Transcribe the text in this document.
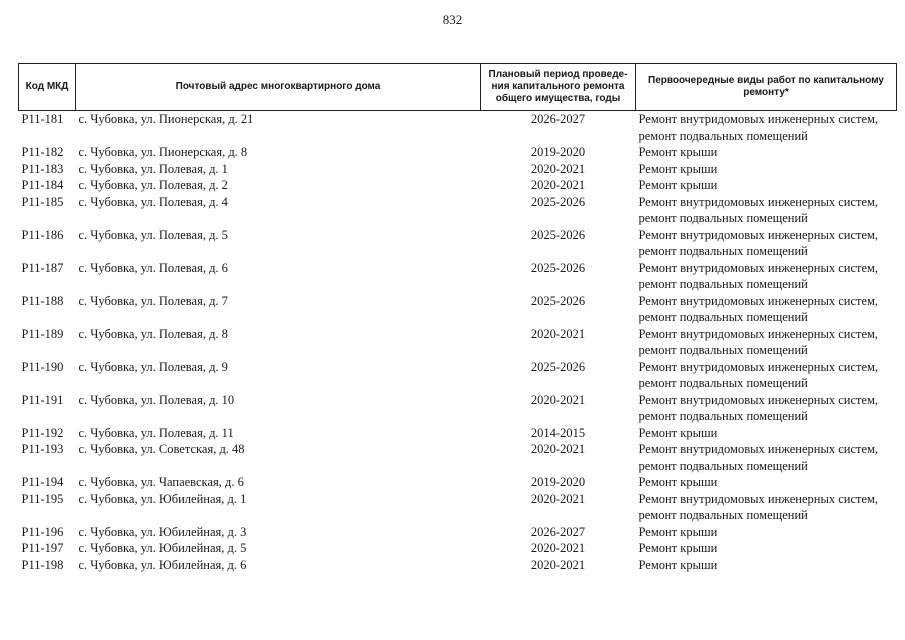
832
Код МКД	Почтовый адрес многоквартирного дома	Плановый период проведе-ния капитального ремонта общего имущества, годы	Первоочередные виды работ по капитальному ремонту*
Р11-181	с. Чубовка, ул. Пионерская, д. 21	2026-2027	Ремонт внутридомовых инженерных систем,
ремонт подвальных помещений

Р11-182	с. Чубовка, ул. Пионерская, д. 8	2019-2020	Ремонт крыши

Р11-183	с. Чубовка, ул. Полевая, д. 1	2020-2021	Ремонт крыши

Р11-184	с. Чубовка, ул. Полевая, д. 2	2020-2021	Ремонт крыши

Р11-185	с. Чубовка, ул. Полевая, д. 4	2025-2026	Ремонт внутридомовых инженерных систем,
ремонт подвальных помещений

Р11-186	с. Чубовка, ул. Полевая, д. 5	2025-2026	Ремонт внутридомовых инженерных систем,
ремонт подвальных помещений

Р11-187	с. Чубовка, ул. Полевая, д. 6	2025-2026	Ремонт внутридомовых инженерных систем,
ремонт подвальных помещений

Р11-188	с. Чубовка, ул. Полевая, д. 7	2025-2026	Ремонт внутридомовых инженерных систем,
ремонт подвальных помещений

Р11-189	с. Чубовка, ул. Полевая, д. 8	2020-2021	Ремонт внутридомовых инженерных систем,
ремонт подвальных помещений

Р11-190	с. Чубовка, ул. Полевая, д. 9	2025-2026	Ремонт внутридомовых инженерных систем,
ремонт подвальных помещений

Р11-191	с. Чубовка, ул. Полевая, д. 10	2020-2021	Ремонт внутридомовых инженерных систем,
ремонт подвальных помещений

Р11-192	с. Чубовка, ул. Полевая, д. 11	2014-2015	Ремонт крыши

Р11-193	с. Чубовка, ул. Советская, д. 48	2020-2021	Ремонт внутридомовых инженерных систем,
ремонт подвальных помещений

Р11-194	с. Чубовка, ул. Чапаевская, д. 6	2019-2020	Ремонт крыши

Р11-195	с. Чубовка, ул. Юбилейная, д. 1	2020-2021	Ремонт внутридомовых инженерных систем,
ремонт подвальных помещений

Р11-196	с. Чубовка, ул. Юбилейная, д. 3	2026-2027	Ремонт крыши

Р11-197	с. Чубовка, ул. Юбилейная, д. 5	2020-2021	Ремонт крыши

Р11-198	с. Чубовка, ул. Юбилейная, д. 6	2020-2021	Ремонт крыши
